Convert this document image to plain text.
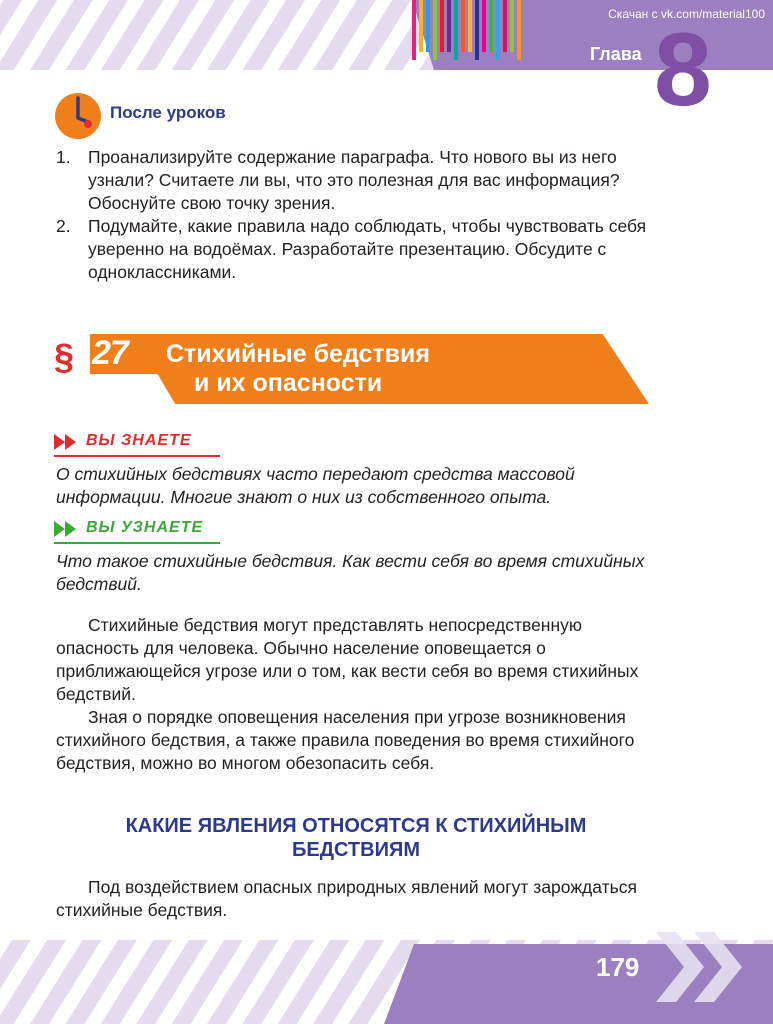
Скачан с vk.com/material100
Глава 8
После уроков
1. Проанализируйте содержание параграфа. Что нового вы из него узнали? Считаете ли вы, что это полезная для вас информация? Обоснуйте свою точку зрения.
2. Подумайте, какие правила надо соблюдать, чтобы чувствовать себя уверенно на водоёмах. Разработайте презентацию. Обсудите с одноклассниками.
§ 27 Стихийные бедствия
и их опасности
ВЫ ЗНАЕТЕ
О стихийных бедствиях часто передают средства массовой информации. Многие знают о них из собственного опыта.
ВЫ УЗНАЕТЕ
Что такое стихийные бедствия. Как вести себя во время стихийных бедствий.

Стихийные бедствия могут представлять непосредственную опасность для человека. Обычно население оповещается о приближающейся угрозе или о том, как вести себя во время стихийных бедствий.

Зная о порядке оповещения населения при угрозе возникновения стихийного бедствия, а также правила поведения во время стихийного бедствия, можно во многом обезопасить себя.

КАКИЕ ЯВЛЕНИЯ ОТНОСЯТСЯ К СТИХИЙНЫМ
БЕДСТВИЯМ

Под воздействием опасных природных явлений могут зарождаться стихийные бедствия.

179
